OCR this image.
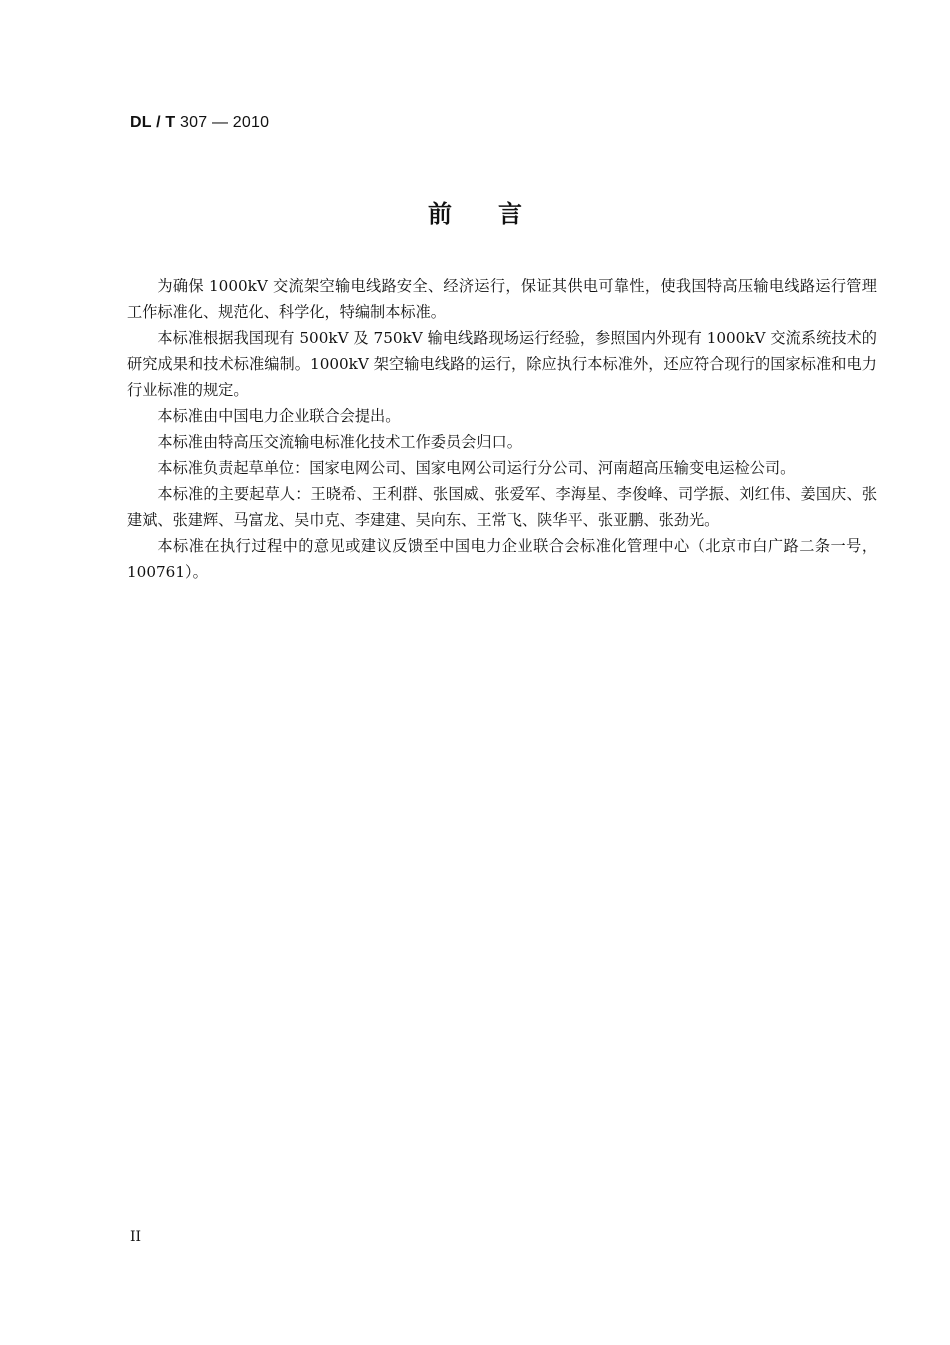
DL / T 307 — 2010
前言

为确保 1000kV 交流架空输电线路安全、经济运行，保证其供电可靠性，使我国特高压输电线路运行管理工作标准化、规范化、科学化，特编制本标准。

本标准根据我国现有 500kV 及 750kV 输电线路现场运行经验，参照国内外现有 1000kV 交流系统技术的研究成果和技术标准编制。1000kV 架空输电线路的运行，除应执行本标准外，还应符合现行的国家标准和电力行业标准的规定。

本标准由中国电力企业联合会提出。

本标准由特高压交流输电标准化技术工作委员会归口。

本标准负责起草单位：国家电网公司、国家电网公司运行分公司、河南超高压输变电运检公司。

本标准的主要起草人：王晓希、王利群、张国威、张爱军、李海星、李俊峰、司学振、刘红伟、姜国庆、张建斌、张建辉、马富龙、吴巾克、李建建、吴向东、王常飞、陕华平、张亚鹏、张劲光。

本标准在执行过程中的意见或建议反馈至中国电力企业联合会标准化管理中心（北京市白广路二条一号，100761）。

II
